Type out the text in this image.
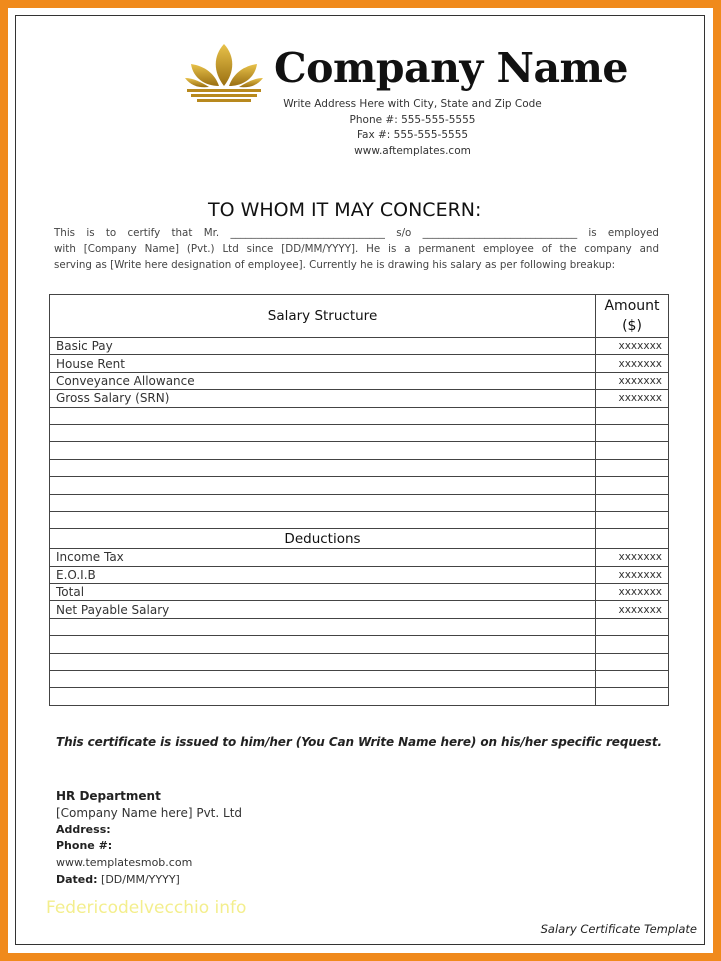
Company Name
Write Address Here with City, State and Zip Code
Phone #: 555-555-5555
Fax #: 555-555-5555
www.aftemplates.com
TO WHOM IT MAY CONCERN:
This is to certify that Mr. ______________________________ s/o ______________________________ is employed
with [Company Name] (Pvt.) Ltd since [DD/MM/YYYY]. He is a permanent employee of the company and
serving as [Write here designation of employee]. Currently he is drawing his salary as per following breakup:
Salary Structure	Amount
($)
Basic Pay	xxxxxxx
House Rent	xxxxxxx
Conveyance Allowance	xxxxxxx
Gross Salary (SRN)	xxxxxxx

Deductions	
Income Tax	xxxxxxx
E.O.I.B	xxxxxxx
Total	xxxxxxx
Net Payable Salary	xxxxxxx

This certificate is issued to him/her (You Can Write Name here) on his/her specific request.
HR Department
[Company Name here] Pvt. Ltd
Address:
Phone #:
www.templatesmob.com
Dated: [DD/MM/YYYY]
Federicodelvecchio info
Salary Certificate Template
